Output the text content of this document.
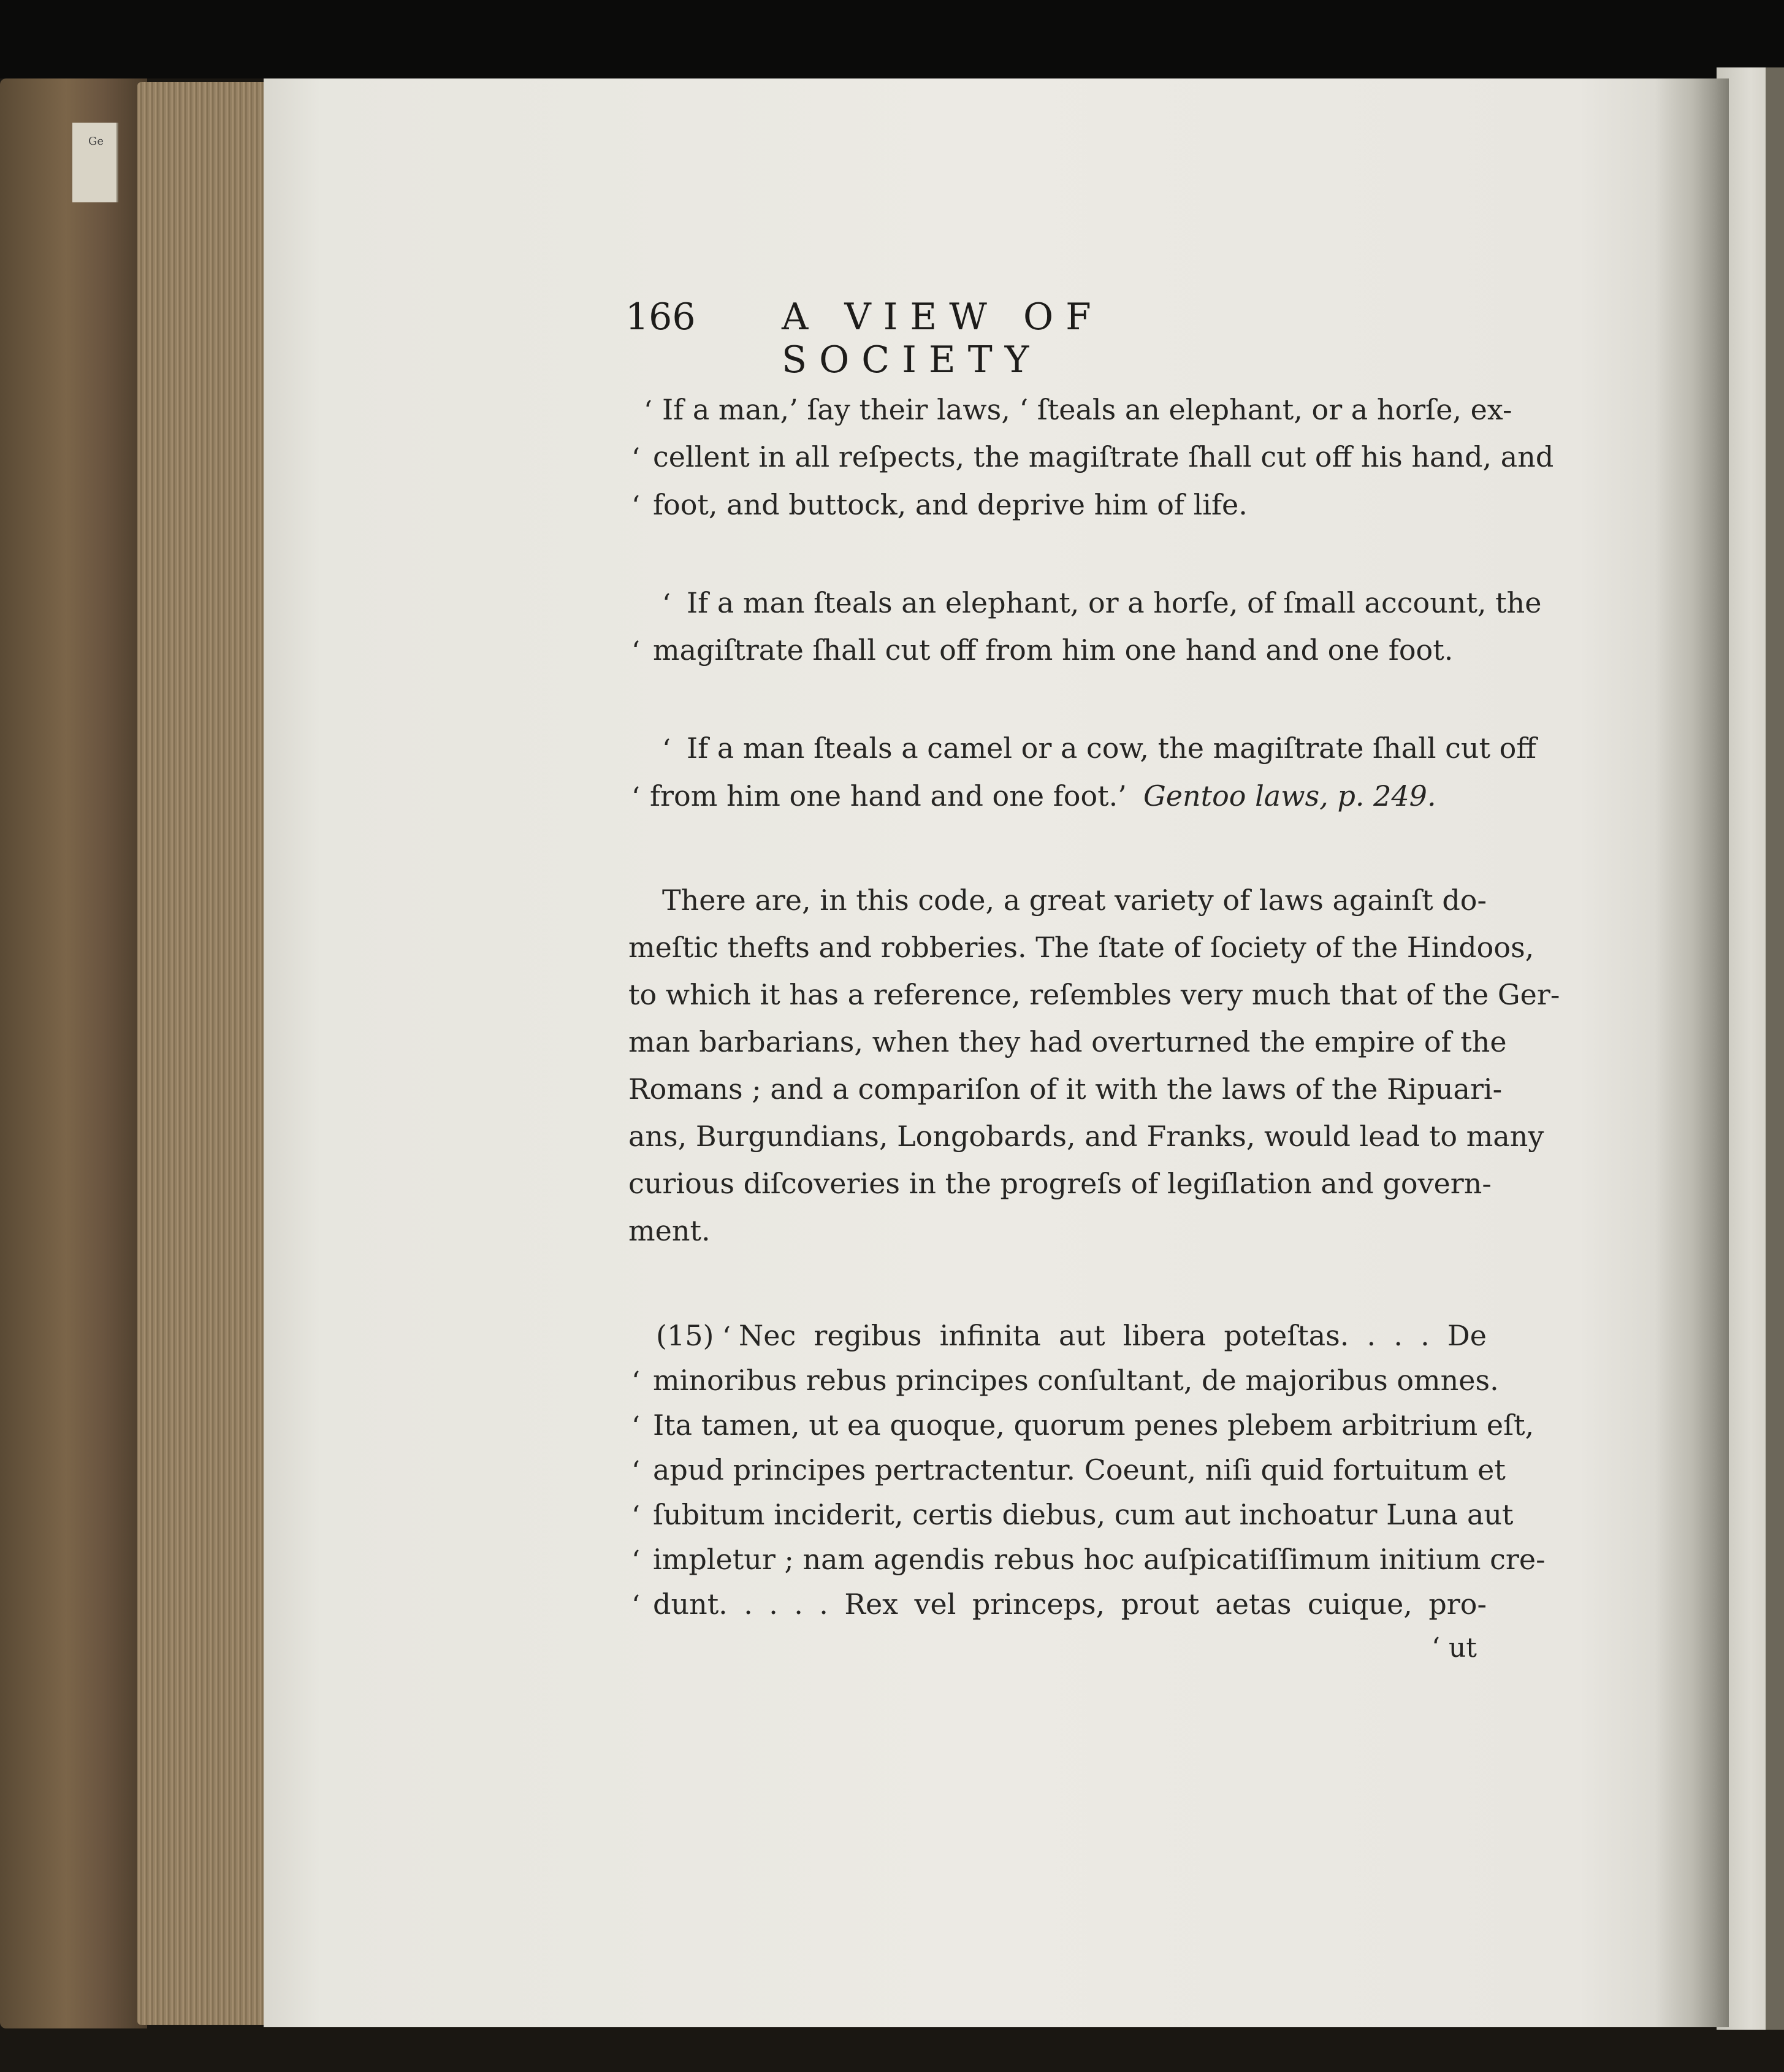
Ge
166 A VIEW OF SOCIETY
‘ If a man,’ ſay their laws, ‘ ſteals an elephant, or a horſe, ex-
‘ cellent in all reſpects, the magiſtrate ſhall cut off his hand, and
‘ foot, and buttock, and deprive him of life.
‘ If a man ſteals an elephant, or a horſe, of ſmall account, the
‘ magiſtrate ſhall cut off from him one hand and one foot.
‘ If a man ſteals a camel or a cow, the magiſtrate ſhall cut off
‘ from him one hand and one foot.’ Gentoo laws, p. 249.
There are, in this code, a great variety of laws againſt do-
meſtic thefts and robberies. The ſtate of ſociety of the Hindoos,
to which it has a reference, reſembles very much that of the Ger-
man barbarians, when they had overturned the empire of the
Romans ; and a compariſon of it with the laws of the Ripuari-
ans, Burgundians, Longobards, and Franks, would lead to many
curious diſcoveries in the progreſs of legiſlation and govern-
ment.
(15) ‘ Nec regibus infinita aut libera poteſtas. . . . De
‘ minoribus rebus principes conſultant, de majoribus omnes.
‘ Ita tamen, ut ea quoque, quorum penes plebem arbitrium eſt,
‘ apud principes pertractentur. Coeunt, niſi quid fortuitum et
‘ ſubitum inciderit, certis diebus, cum aut inchoatur Luna aut
‘ impletur ; nam agendis rebus hoc auſpicatiſſimum initium cre-
‘ dunt. . . . . Rex vel princeps, prout aetas cuique, pro-
‘ ut
